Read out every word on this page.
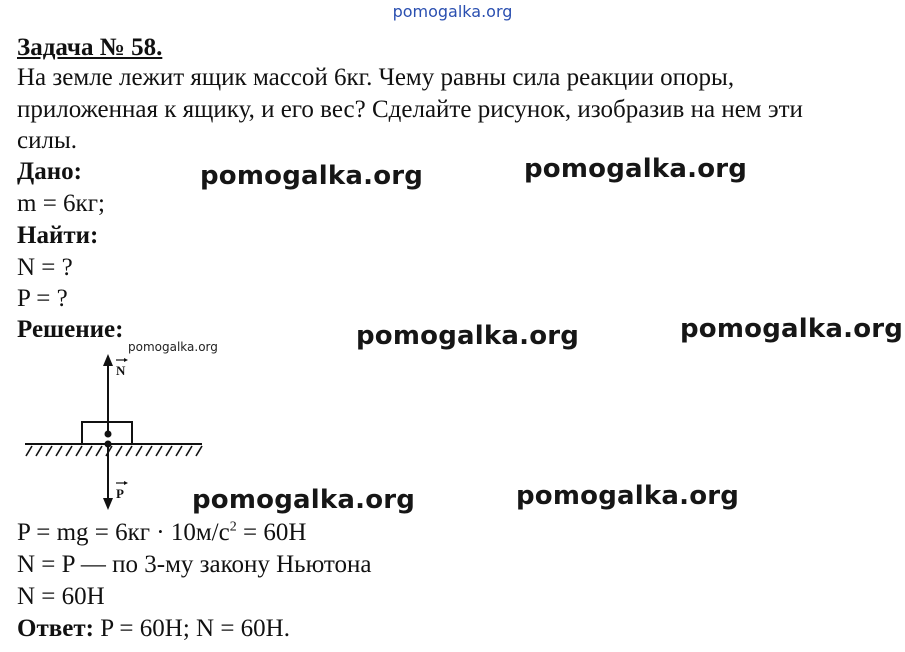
pomogalka.org
pomogalka.org	pomogalka.org
pomogalka.org	pomogalka.org
pomogalka.org	pomogalka.org
pomogalka.org
Задача № 58.
На земле лежит ящик массой 6кг. Чему равны сила реакции опоры,
приложенная к ящику, и его вес? Сделайте рисунок, изобразив на нем эти
силы.
Дано:
m = 6кг;
Найти:
N = ?
P = ?
Решение:
N
P
P = mg = $6кг \cdot 10м/с^2 = 60Н$
N = P — по 3-му закону Ньютона
N = 60Н
Ответ: P = 60Н; N = 60Н.
